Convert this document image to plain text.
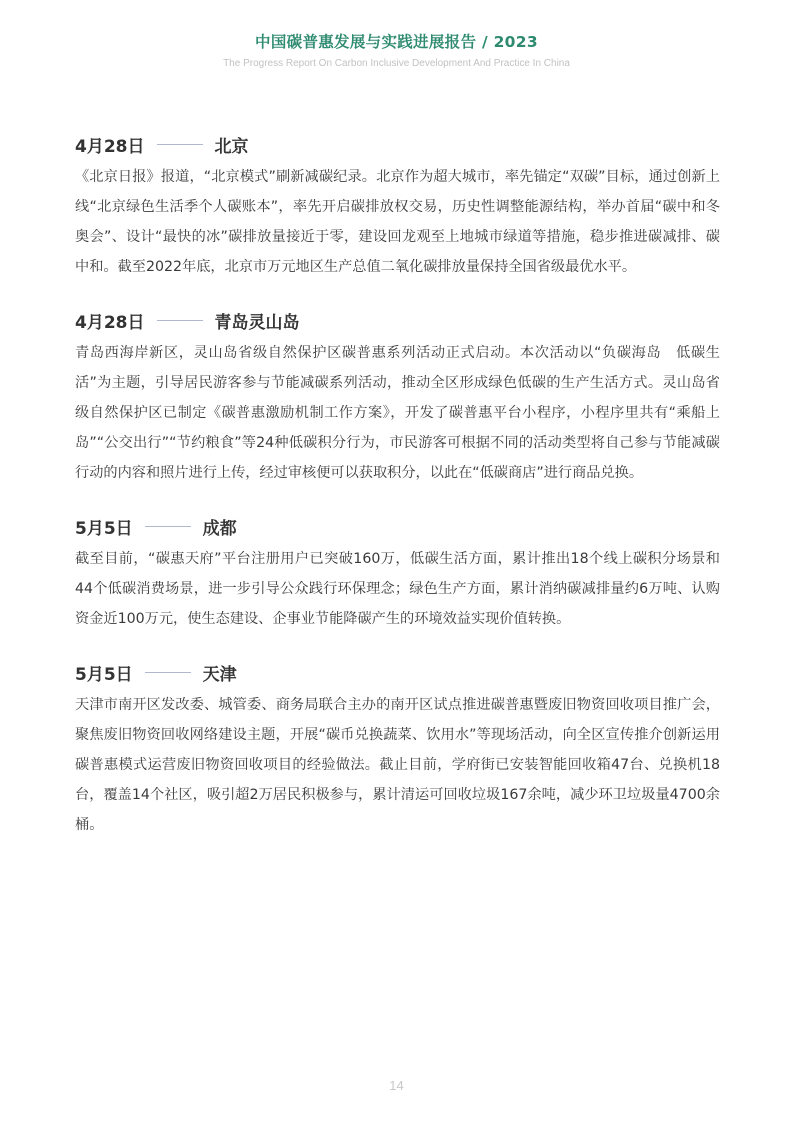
中国碳普惠发展与实践进展报告 / 2023
The Progress Report On Carbon Inclusive Development And Practice In China
4月28日	北京

《北京日报》报道，“北京模式”刷新减碳纪录。北京作为超大城市，率先锚定“双碳”目标，通过创新上线“北京绿色生活季个人碳账本”，率先开启碳排放权交易，历史性调整能源结构，举办首届“碳中和冬奥会”、设计“最快的冰”碳排放量接近于零，建设回龙观至上地城市绿道等措施，稳步推进碳减排、碳中和。截至2022年底，北京市万元地区生产总值二氧化碳排放量保持全国省级最优水平。

4月28日	青岛灵山岛

青岛西海岸新区，灵山岛省级自然保护区碳普惠系列活动正式启动。本次活动以“负碳海岛　低碳生活”为主题，引导居民游客参与节能减碳系列活动，推动全区形成绿色低碳的生产生活方式。灵山岛省级自然保护区已制定《碳普惠激励机制工作方案》，开发了碳普惠平台小程序，小程序里共有“乘船上岛”“公交出行”“节约粮食”等24种低碳积分行为，市民游客可根据不同的活动类型将自己参与节能减碳行动的内容和照片进行上传，经过审核便可以获取积分，以此在“低碳商店”进行商品兑换。

5月5日	成都

截至目前，“碳惠天府”平台注册用户已突破160万，低碳生活方面，累计推出18个线上碳积分场景和44个低碳消费场景，进一步引导公众践行环保理念；绿色生产方面，累计消纳碳减排量约6万吨、认购资金近100万元，使生态建设、企事业节能降碳产生的环境效益实现价值转换。

5月5日	天津

天津市南开区发改委、城管委、商务局联合主办的南开区试点推进碳普惠暨废旧物资回收项目推广会，聚焦废旧物资回收网络建设主题，开展“碳币兑换蔬菜、饮用水”等现场活动，向全区宣传推介创新运用碳普惠模式运营废旧物资回收项目的经验做法。截止目前，学府街已安装智能回收箱47台、兑换机18台，覆盖14个社区，吸引超2万居民积极参与，累计清运可回收垃圾167余吨，减少环卫垃圾量4700余桶。

14
